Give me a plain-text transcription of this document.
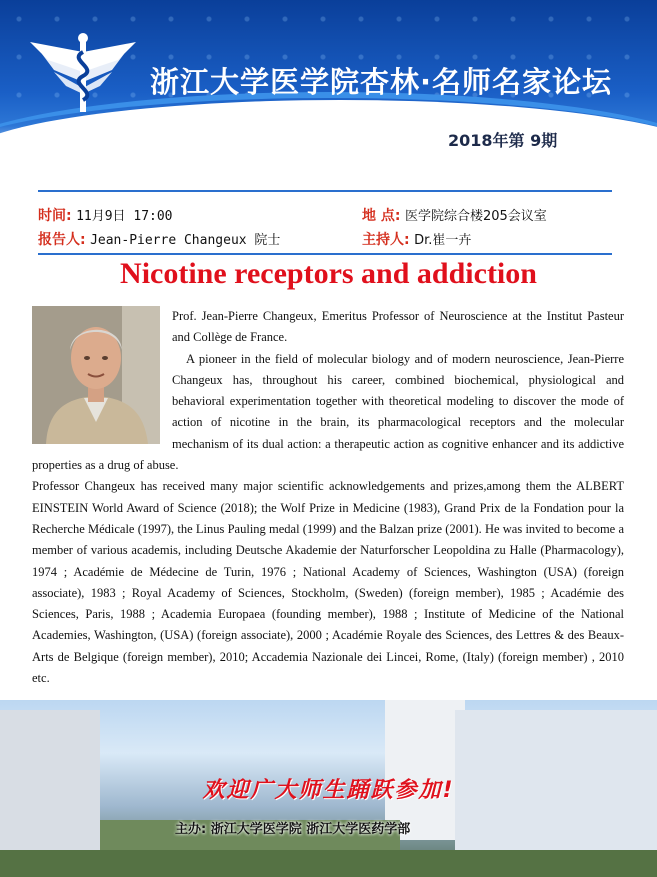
浙江大学医学院杏林·名师名家论坛
2018年第 9期
时间: 11月9日 17:00	地 点: 医学院综合楼205会议室
报告人: Jean-Pierre Changeux 院士	主持人: Dr.崔一卉
Nicotine receptors and addiction

Prof. Jean-Pierre Changeux, Emeritus Professor of Neuroscience at the Institut Pasteur and Collège de France.

A pioneer in the field of molecular biology and of modern neuroscience, Jean-Pierre Changeux has, throughout his career, combined biochemical, physiological and behavioral experimentation together with theoretical modeling to discover the mode of action of nicotine in the brain, its pharmacological receptors and the molecular mechanism of its dual action: a therapeutic action as cognitive enhancer and its addictive properties as a drug of abuse.

Professor Changeux has received many major scientific acknowledgements and prizes,among them the ALBERT EINSTEIN World Award of Science (2018); the Wolf Prize in Medicine (1983), Grand Prix de la Fondation pour la Recherche Médicale (1997), the Linus Pauling medal (1999) and the Balzan prize (2001). He was invited to become a member of various academis, including Deutsche Akademie der Naturforscher Leopoldina zu Halle (Pharmacology), 1974 ; Académie de Médecine de Turin, 1976 ; National Academy of Sciences, Washington (USA) (foreign associate), 1983 ; Royal Academy of Sciences, Stockholm, (Sweden) (foreign member), 1985 ; Académie des Sciences, Paris, 1988 ; Academia Europaea (founding member), 1988 ; Institute of Medicine of the National Academies, Washington, (USA) (foreign associate), 2000 ; Académie Royale des Sciences, des Lettres & des Beaux-Arts de Belgique (foreign member), 2010; Accademia Nazionale dei Lincei, Rome, (Italy) (foreign member) , 2010 etc.

欢迎广大师生踊跃参加!
主办: 浙江大学医学院 浙江大学医药学部
